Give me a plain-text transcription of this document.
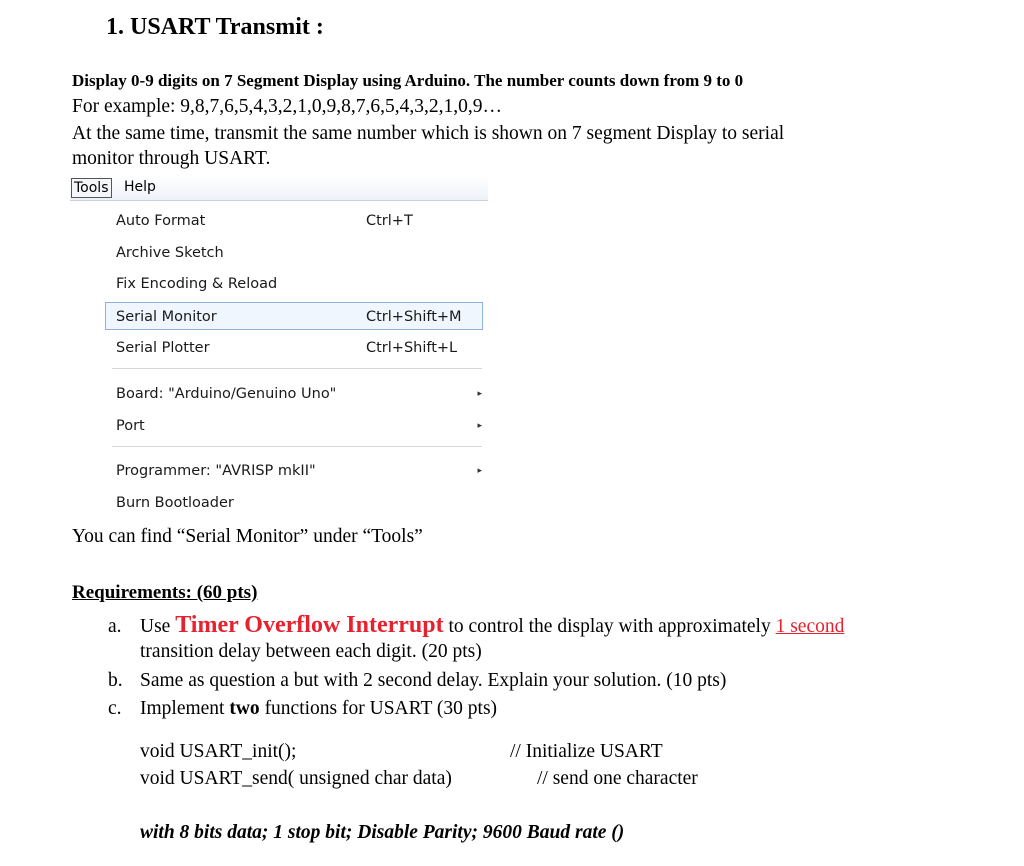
1. USART Transmit :
Display 0-9 digits on 7 Segment Display using Arduino. The number counts down from 9 to 0
For example: 9,8,7,6,5,4,3,2,1,0,9,8,7,6,5,4,3,2,1,0,9…
At the same time, transmit the same number which is shown on 7 segment Display to serial
monitor through USART.
Tools Help
Auto Format	Ctrl+T
Archive Sketch
Fix Encoding & Reload
Serial Monitor	Ctrl+Shift+M
Serial Plotter	Ctrl+Shift+L
Board: "Arduino/Genuino Uno"	▸
Port	▸
Programmer: "AVRISP mkII"	▸
Burn Bootloader
You can find “Serial Monitor” under “Tools”
Requirements: (60 pts)
a. Use Timer Overflow Interrupt to control the display with approximately 1 second
transition delay between each digit. (20 pts)
b. Same as question a but with 2 second delay. Explain your solution. (10 pts)
c. Implement two functions for USART (30 pts)
void USART_init();	// Initialize USART
void USART_send( unsigned char data)	// send one character
with 8 bits data; 1 stop bit; Disable Parity; 9600 Baud rate ()
